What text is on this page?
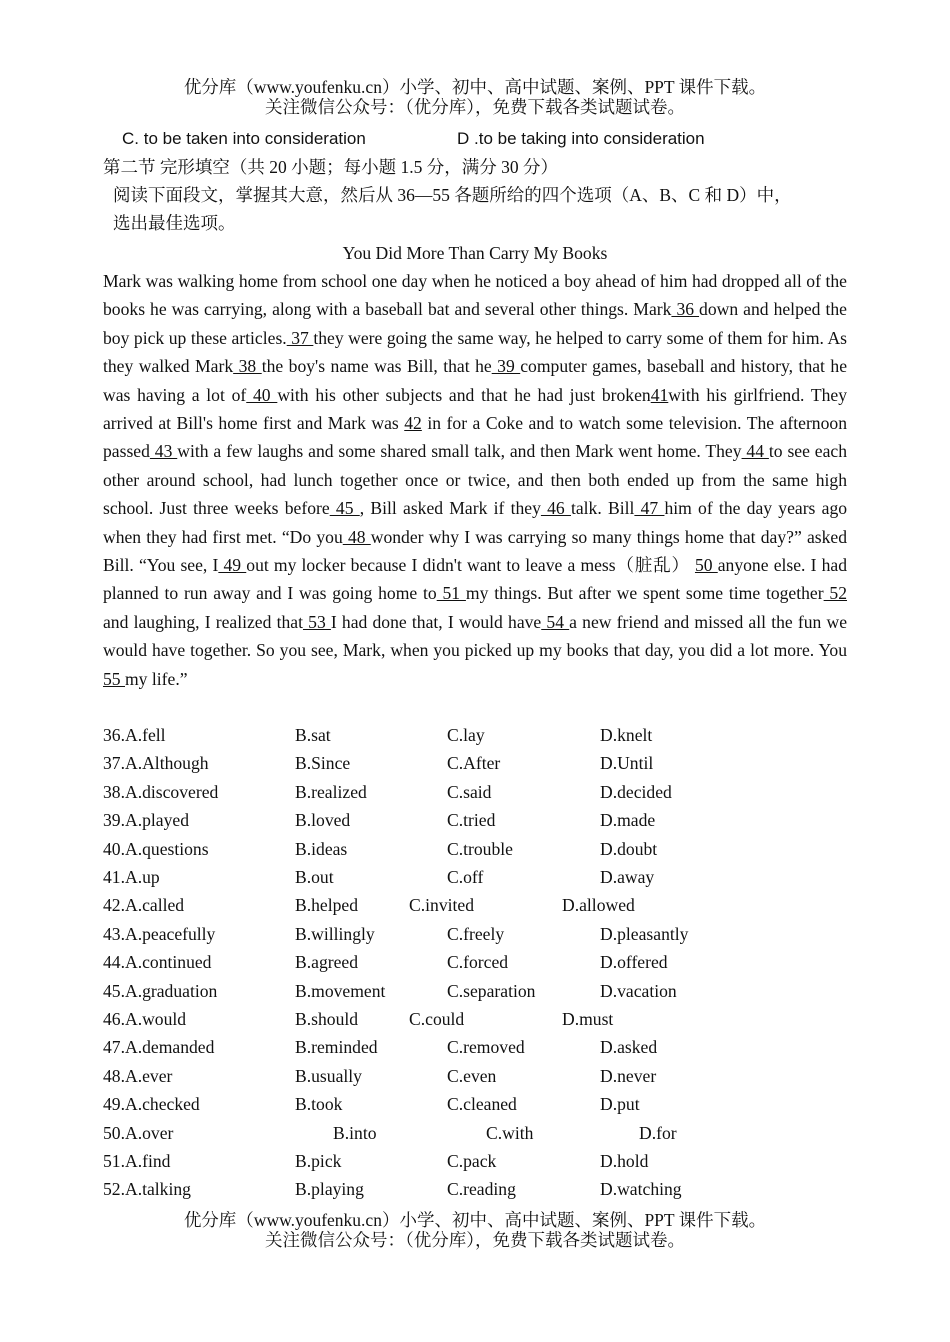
优分库（www.youfenku.cn）小学、初中、高中试题、案例、PPT 课件下载。
关注微信公众号：（优分库），免费下载各类试题试卷。
C. to be taken into consideration	D .to be taking into consideration
第二节 完形填空（共 20 小题；每小题 1.5 分，满分 30 分）
阅读下面段文，掌握其大意，然后从 36—55 各题所给的四个选项（A、B、C 和 D）中，
选出最佳选项。
You Did More Than Carry My Books
Mark was walking home from school one day when he noticed a boy ahead of him had dropped all of the books he was carrying, along with a baseball bat and several other things. Mark 36 down and helped the boy pick up these articles. 37 they were going the same way, he helped to carry some of them for him. As they walked Mark 38 the boy's name was Bill, that he 39 computer games, baseball and history, that he was having a lot of 40 with his other subjects and that he had just broken41with his girlfriend. They arrived at Bill's home first and Mark was 42 in for a Coke and to watch some television. The afternoon passed 43 with a few laughs and some shared small talk, and then Mark went home. They 44 to see each other around school, had lunch together once or twice, and then both ended up from the same high school. Just three weeks before 45 , Bill asked Mark if they 46 talk. Bill 47 him of the day years ago when they had first met. “Do you 48 wonder why I was carrying so many things home that day?” asked Bill. “You see, I 49 out my locker because I didn't want to leave a mess（脏乱） 50 anyone else. I had planned to run away and I was going home to 51 my things. But after we spent some time together 52 and laughing, I realized that 53 I had done that, I would have 54 a new friend and missed all the fun we would have together. So you see, Mark, when you picked up my books that day, you did a lot more. You 55 my life.”
36.A.fell	B.sat	C.lay	D.knelt
37.A.Although	B.Since	C.After	D.Until
38.A.discovered	B.realized	C.said	D.decided
39.A.played	B.loved	C.tried	D.made
40.A.questions	B.ideas	C.trouble	D.doubt
41.A.up	B.out	C.off	D.away
42.A.called	B.helped	C.invited	D.allowed
43.A.peacefully	B.willingly	C.freely	D.pleasantly
44.A.continued	B.agreed	C.forced	D.offered
45.A.graduation	B.movement	C.separation	D.vacation
46.A.would	B.should	C.could	D.must
47.A.demanded	B.reminded	C.removed	D.asked
48.A.ever	B.usually	C.even	D.never
49.A.checked	B.took	C.cleaned	D.put
50.A.over	B.into	C.with	D.for
51.A.find	B.pick	C.pack	D.hold
52.A.talking	B.playing	C.reading	D.watching
优分库（www.youfenku.cn）小学、初中、高中试题、案例、PPT 课件下载。
关注微信公众号：（优分库），免费下载各类试题试卷。
